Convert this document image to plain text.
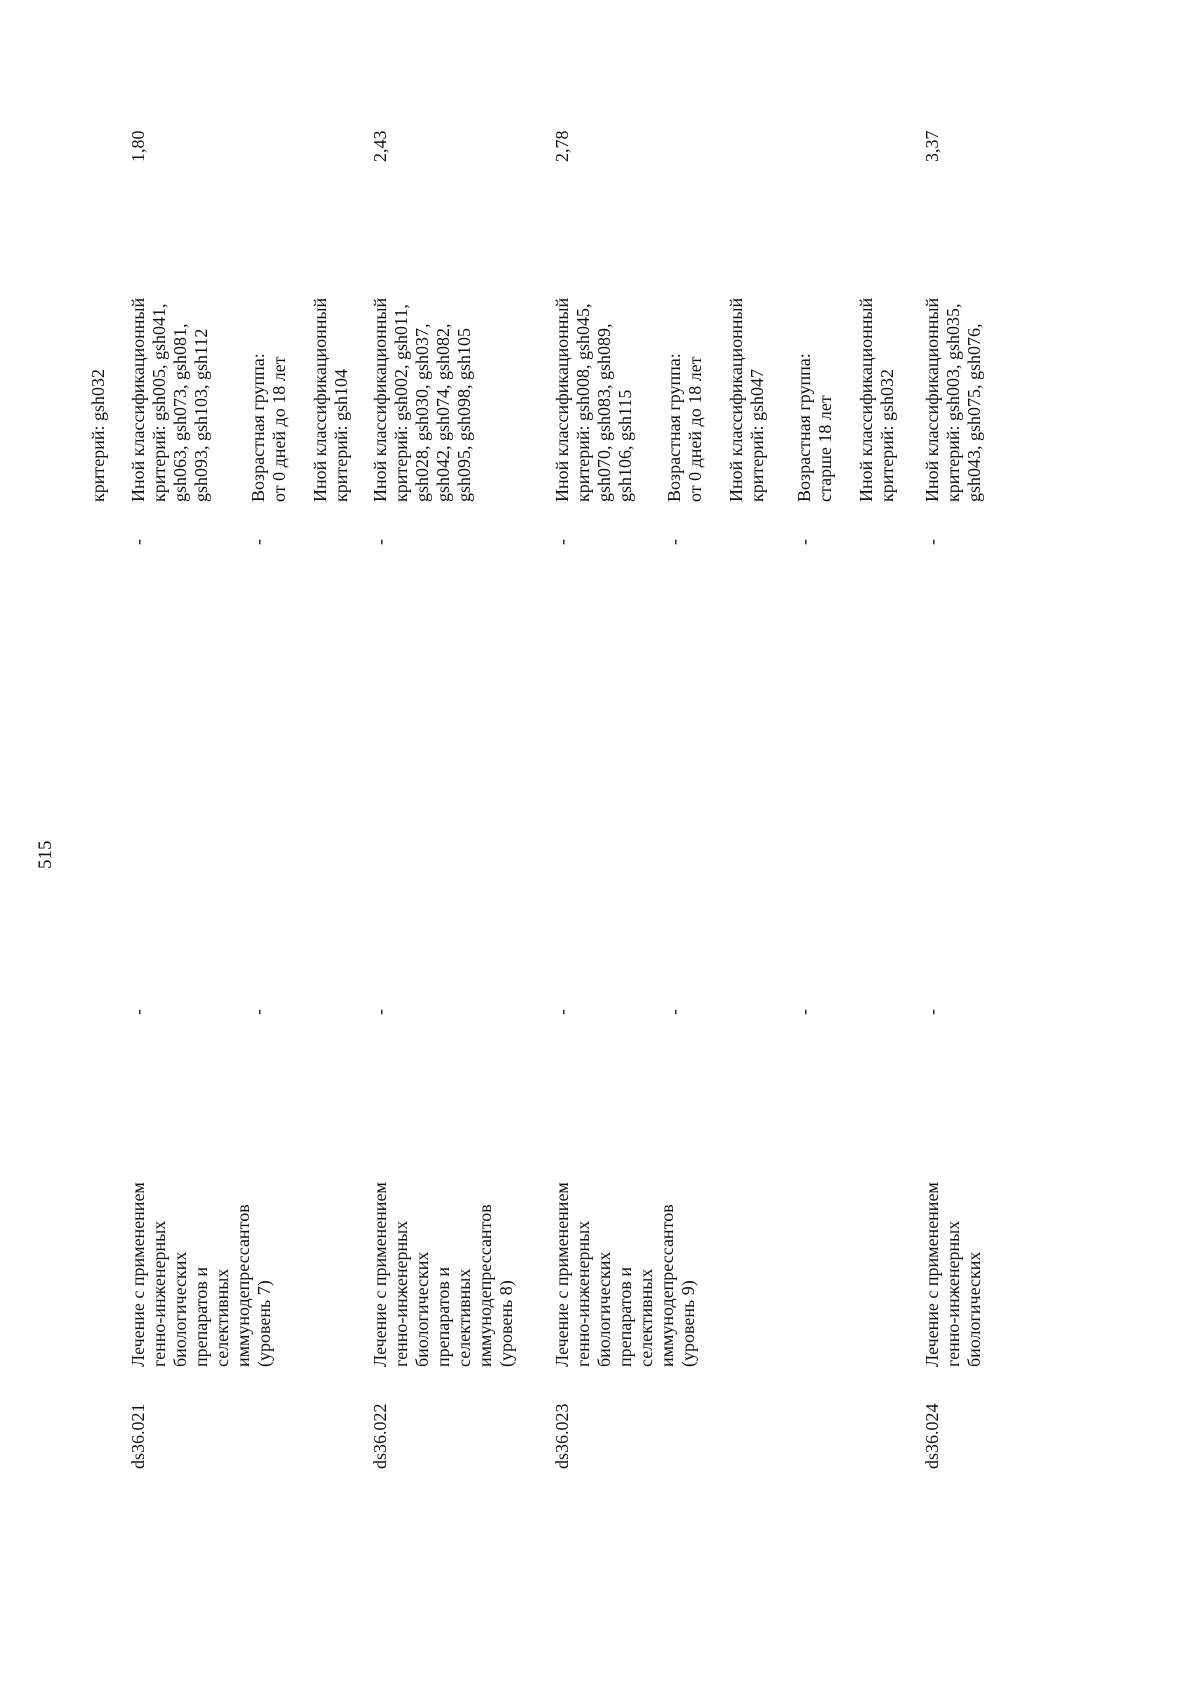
515
критерий: gsh032
ds36.021
Лечение с применением
генно-инженерных
биологических
препаратов и
селективных
иммунодепрессантов
(уровень 7)
-
-
Иной классификационный
критерий: gsh005, gsh041,
gsh063, gsh073, gsh081,
gsh093, gsh103, gsh112
1,80
-
-
Возрастная группа:
от 0 дней до 18 лет
Иной классификационный
критерий: gsh104
ds36.022
Лечение с применением
генно-инженерных
биологических
препаратов и
селективных
иммунодепрессантов
(уровень 8)
-
-
Иной классификационный
критерий: gsh002, gsh011,
gsh028, gsh030, gsh037,
gsh042, gsh074, gsh082,
gsh095, gsh098, gsh105
2,43
ds36.023
Лечение с применением
генно-инженерных
биологических
препаратов и
селективных
иммунодепрессантов
(уровень 9)
-
-
Иной классификационный
критерий: gsh008, gsh045,
gsh070, gsh083, gsh089,
gsh106, gsh115
2,78
-
-
Возрастная группа:
от 0 дней до 18 лет
Иной классификационный
критерий: gsh047
-
-
Возрастная группа:
старше 18 лет
Иной классификационный
критерий: gsh032
ds36.024
Лечение с применением
генно-инженерных
биологических
-
-
Иной классификационный
критерий: gsh003, gsh035,
gsh043, gsh075, gsh076,
3,37
